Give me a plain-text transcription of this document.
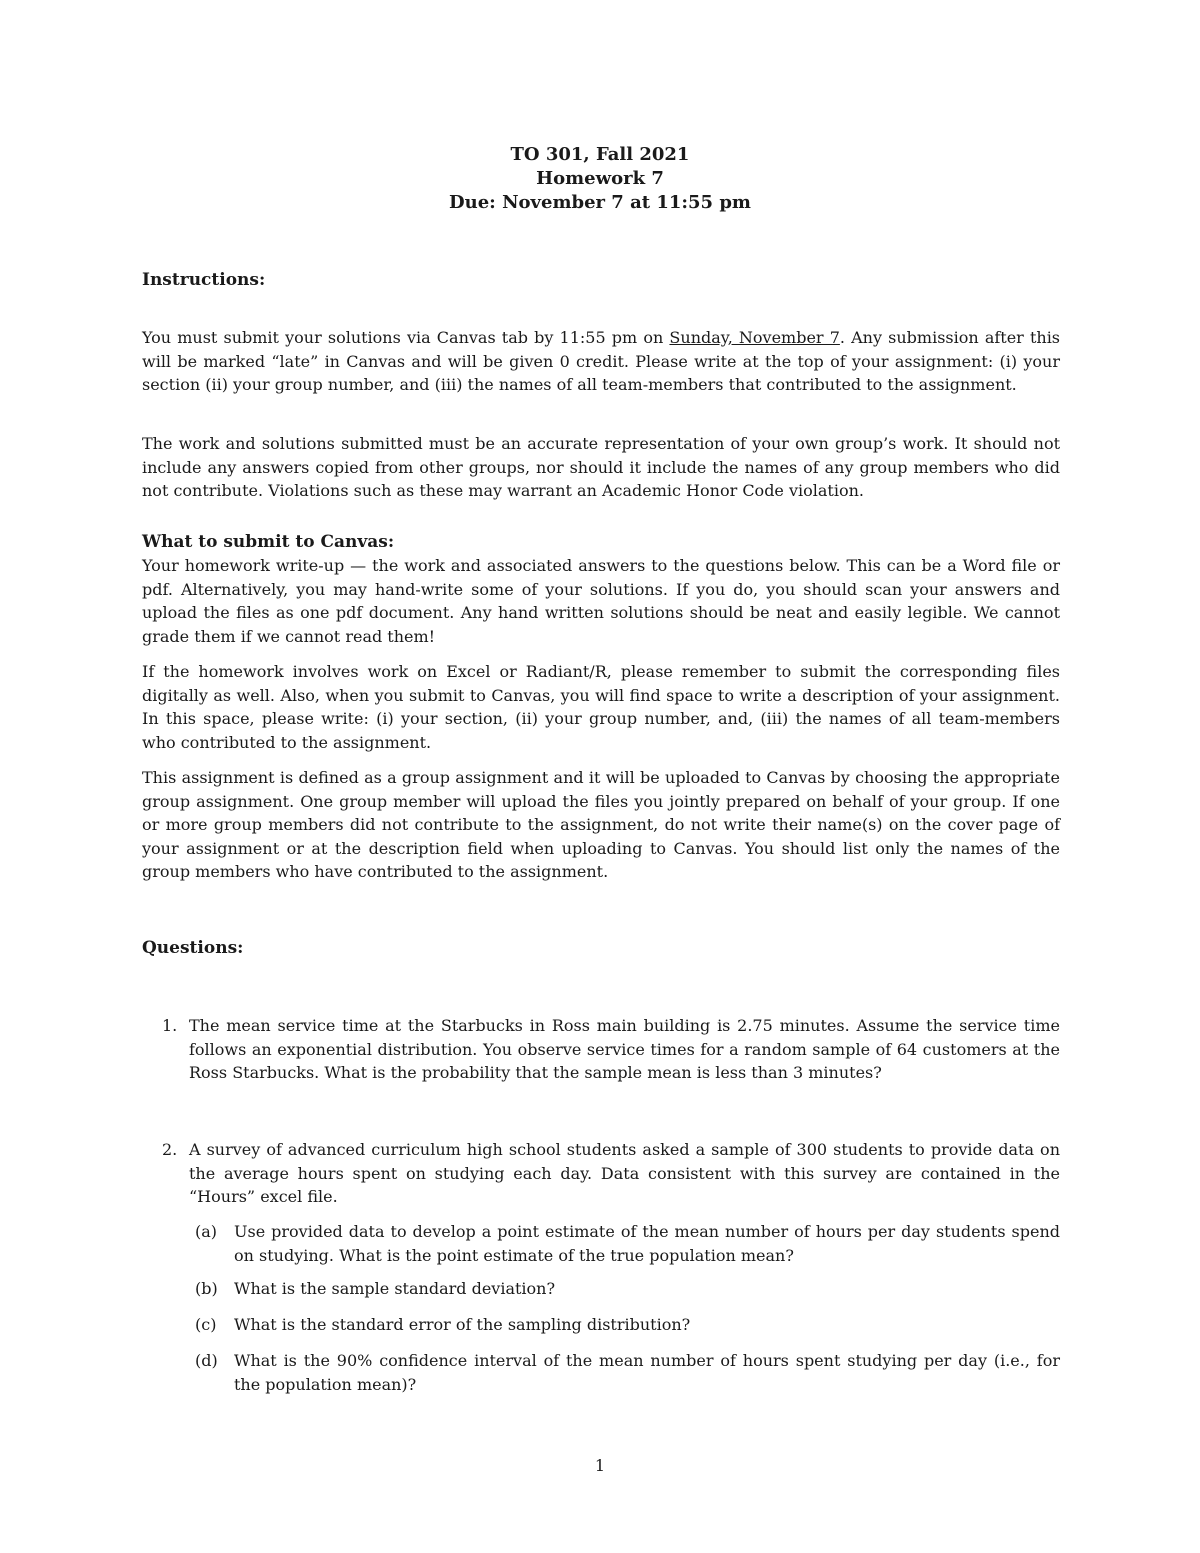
TO 301, Fall 2021
Homework 7
Due: November 7 at 11:55 pm
Instructions:

You must submit your solutions via Canvas tab by 11:55 pm on Sunday, November 7. Any submission after this will be marked “late” in Canvas and will be given 0 credit. Please write at the top of your assignment: (i) your section (ii) your group number, and (iii) the names of all team-members that contributed to the assignment.

The work and solutions submitted must be an accurate representation of your own group’s work. It should not include any answers copied from other groups, nor should it include the names of any group members who did not contribute. Violations such as these may warrant an Academic Honor Code violation.

What to submit to Canvas:

Your homework write-up — the work and associated answers to the questions below. This can be a Word file or pdf. Alternatively, you may hand-write some of your solutions. If you do, you should scan your answers and upload the files as one pdf document. Any hand written solutions should be neat and easily legible. We cannot grade them if we cannot read them!

If the homework involves work on Excel or Radiant/R, please remember to submit the corresponding files digitally as well. Also, when you submit to Canvas, you will find space to write a description of your assignment. In this space, please write: (i) your section, (ii) your group number, and, (iii) the names of all team-members who contributed to the assignment.

This assignment is defined as a group assignment and it will be uploaded to Canvas by choosing the appropriate group assignment. One group member will upload the files you jointly prepared on behalf of your group. If one or more group members did not contribute to the assignment, do not write their name(s) on the cover page of your assignment or at the description field when uploading to Canvas. You should list only the names of the group members who have contributed to the assignment.

Questions:
1. The mean service time at the Starbucks in Ross main building is 2.75 minutes. Assume the service time follows an exponential distribution. You observe service times for a random sample of 64 customers at the Ross Starbucks. What is the probability that the sample mean is less than 3 minutes?
2. A survey of advanced curriculum high school students asked a sample of 300 students to provide data on the average hours spent on studying each day. Data consistent with this survey are contained in the “Hours” excel file.
(a) Use provided data to develop a point estimate of the mean number of hours per day students spend on studying. What is the point estimate of the true population mean?
(b) What is the sample standard deviation?
(c) What is the standard error of the sampling distribution?
(d) What is the 90% confidence interval of the mean number of hours spent studying per day (i.e., for the population mean)?
1
